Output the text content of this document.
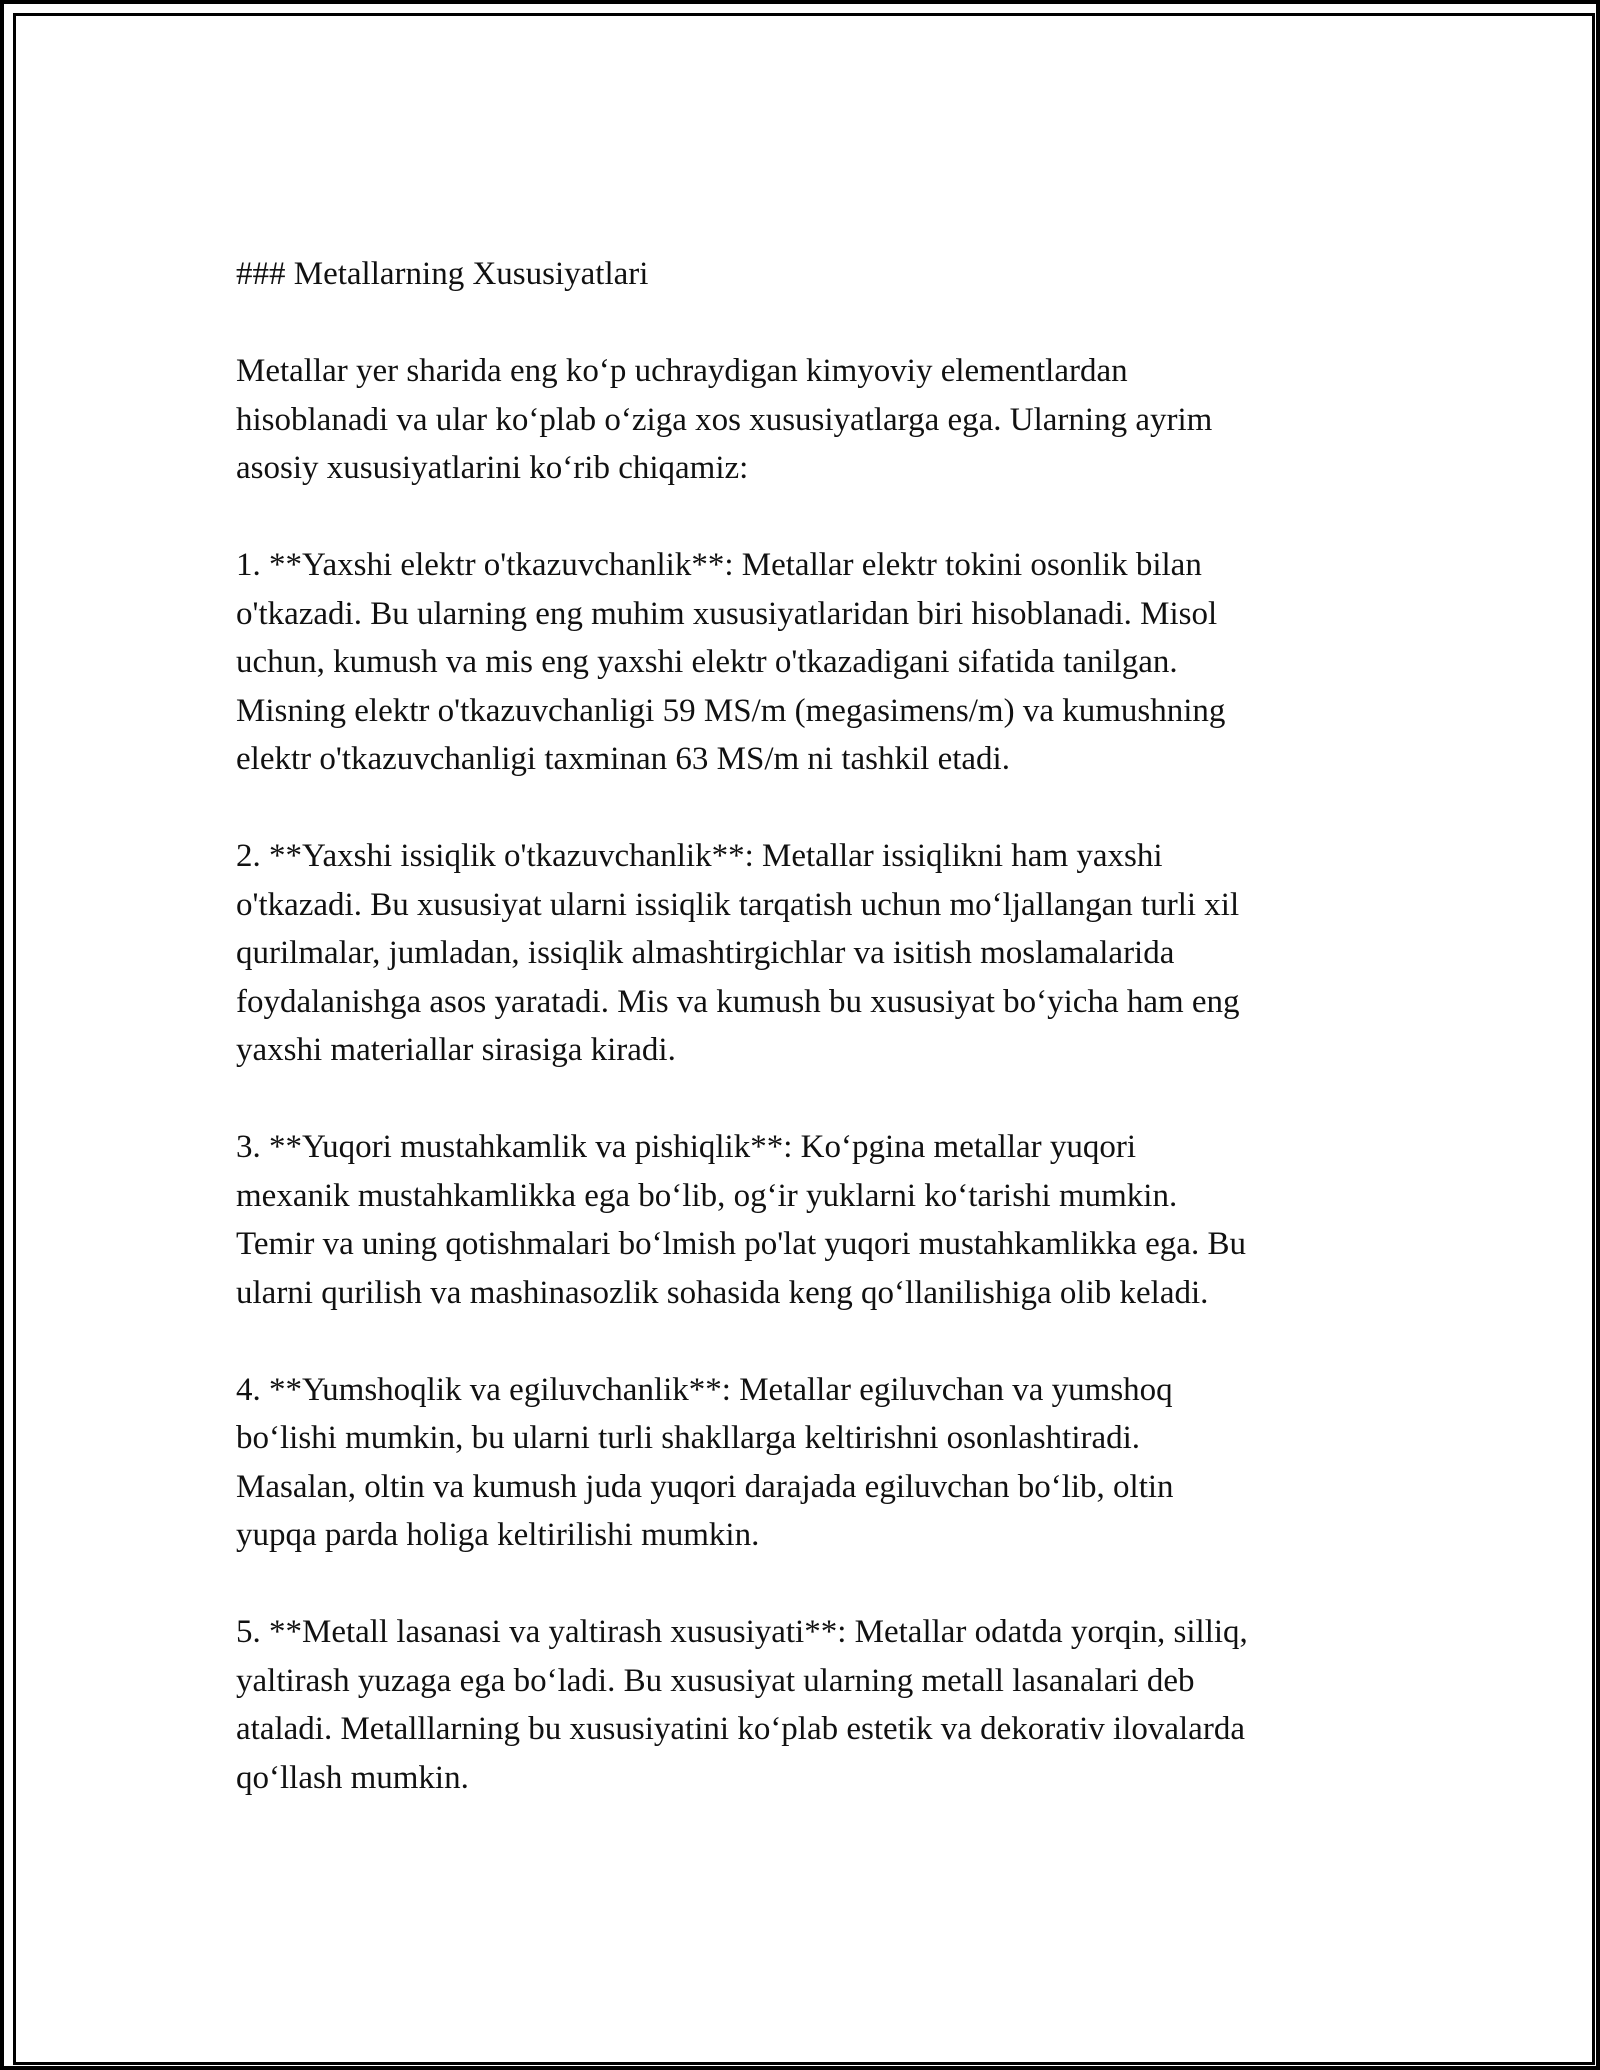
### Metallarning Xususiyatlari

Metallar yer sharida eng ko‘p uchraydigan kimyoviy elementlardan
hisoblanadi va ular ko‘plab o‘ziga xos xususiyatlarga ega. Ularning ayrim
asosiy xususiyatlarini ko‘rib chiqamiz:

1. **Yaxshi elektr o'tkazuvchanlik**: Metallar elektr tokini osonlik bilan
o'tkazadi. Bu ularning eng muhim xususiyatlaridan biri hisoblanadi. Misol
uchun, kumush va mis eng yaxshi elektr o'tkazadigani sifatida tanilgan.
Misning elektr o'tkazuvchanligi 59 MS/m (megasimens/m) va kumushning
elektr o'tkazuvchanligi taxminan 63 MS/m ni tashkil etadi.

2. **Yaxshi issiqlik o'tkazuvchanlik**: Metallar issiqlikni ham yaxshi
o'tkazadi. Bu xususiyat ularni issiqlik tarqatish uchun mo‘ljallangan turli xil
qurilmalar, jumladan, issiqlik almashtirgichlar va isitish moslamalarida
foydalanishga asos yaratadi. Mis va kumush bu xususiyat bo‘yicha ham eng
yaxshi materiallar sirasiga kiradi.

3. **Yuqori mustahkamlik va pishiqlik**: Ko‘pgina metallar yuqori
mexanik mustahkamlikka ega bo‘lib, og‘ir yuklarni ko‘tarishi mumkin.
Temir va uning qotishmalari bo‘lmish po'lat yuqori mustahkamlikka ega. Bu
ularni qurilish va mashinasozlik sohasida keng qo‘llanilishiga olib keladi.

4. **Yumshoqlik va egiluvchanlik**: Metallar egiluvchan va yumshoq
bo‘lishi mumkin, bu ularni turli shakllarga keltirishni osonlashtiradi.
Masalan, oltin va kumush juda yuqori darajada egiluvchan bo‘lib, oltin
yupqa parda holiga keltirilishi mumkin.

5. **Metall lasanasi va yaltirash xususiyati**: Metallar odatda yorqin, silliq,
yaltirash yuzaga ega bo‘ladi. Bu xususiyat ularning metall lasanalari deb
ataladi. Metalllarning bu xususiyatini ko‘plab estetik va dekorativ ilovalarda
qo‘llash mumkin.
